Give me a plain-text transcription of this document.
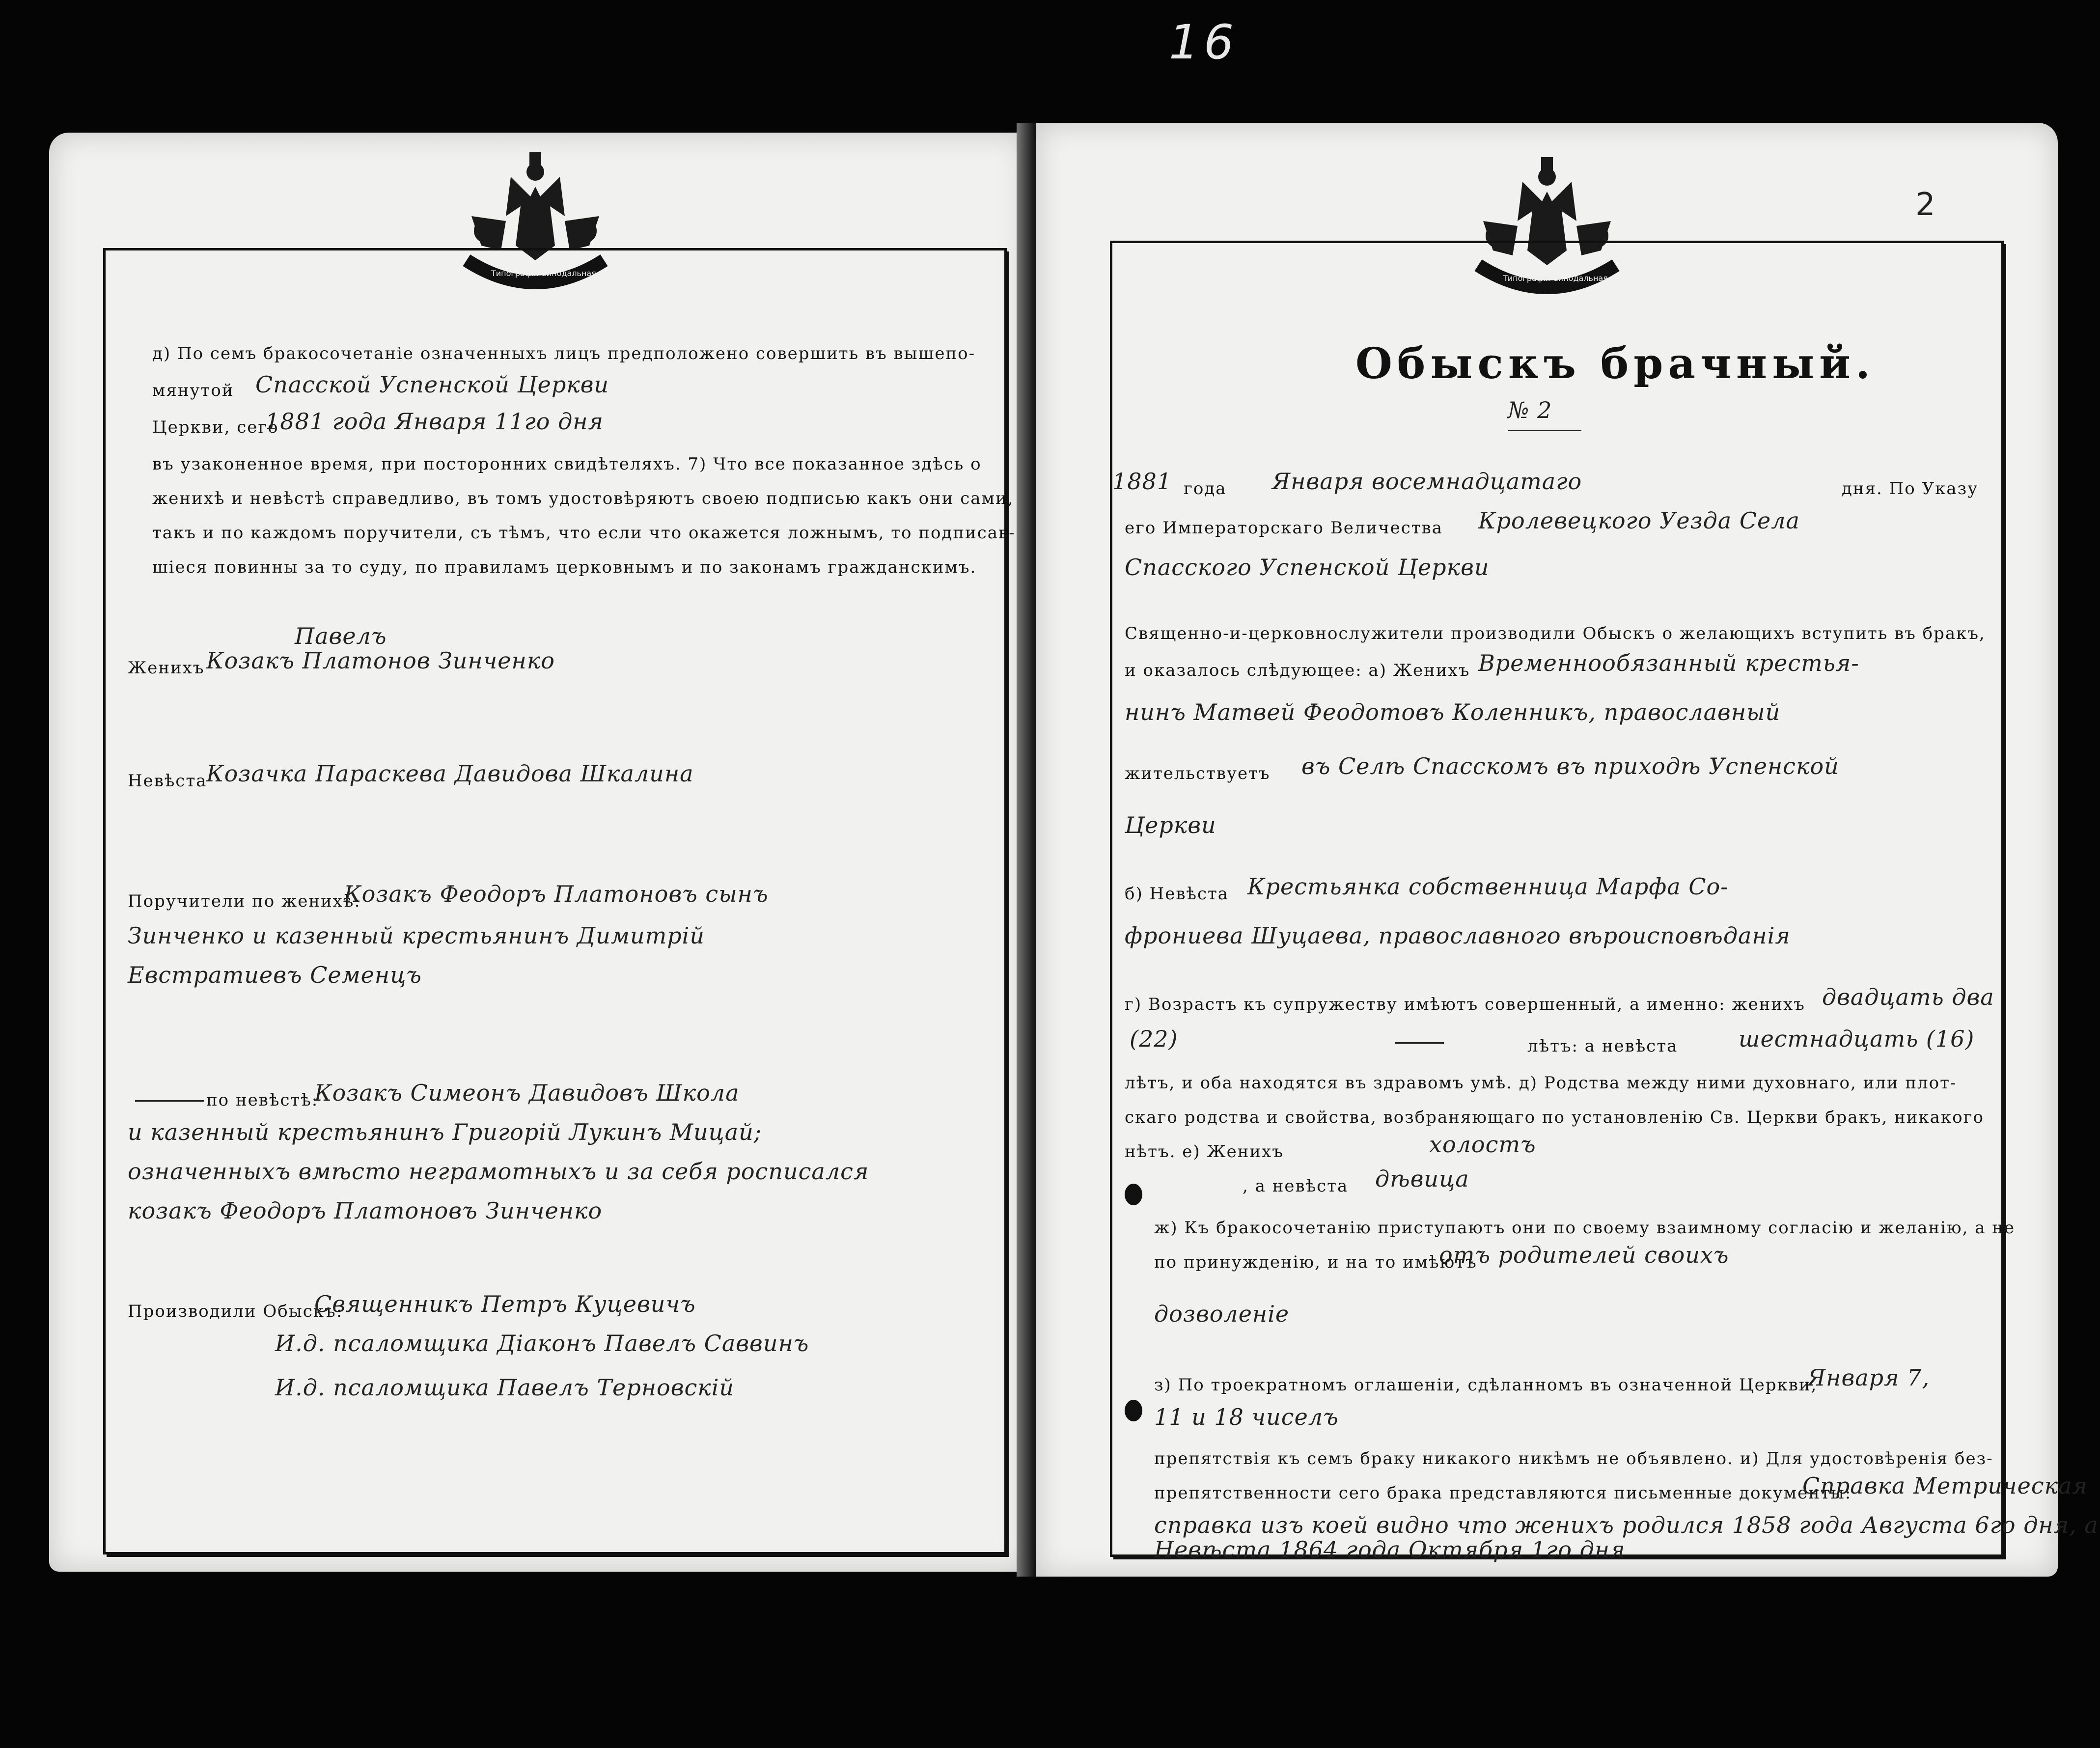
16
Типографiя Синодальная
д) По семъ бракосочетанiе означенныхъ лицъ предположено совершить въ вышепо-
мянутой Спасской Успенской Церкви
Церкви, сего
1881 года Января 11го дня
въ узаконенное время, при посторонних свидѣтеляхъ. 7) Что все показанное здѣсь о
женихѣ и невѣстѣ справедливо, въ томъ удостовѣряютъ своею подписью какъ они сами,
такъ и по каждомъ поручители, съ тѣмъ, что если что окажется ложнымъ, то подписав-
шiеся повинны за то суду, по правиламъ церковнымъ и по законамъ гражданскимъ.
Павелъ
Женихъ Козакъ Платонов Зинченко
Невѣста
Козачка Параскева Давидова Шкалина
Поручители по женихѣ:
Козакъ Феодоръ Платоновъ сынъ
Зинченко и казенный крестьянинъ Димитрiй
Евстратиевъ Семенцъ
по невѣстѣ:
Козакъ Симеонъ Давидовъ Школа
и казенный крестьянинъ Григорiй Лукинъ Мицай;
означенныхъ вмѣсто неграмотныхъ и за себя росписался
козакъ Феодоръ Платоновъ Зинченко
Производили Обыскъ:
Священникъ Петръ Куцевичъ
И.д. псаломщика Дiаконъ Павелъ Саввинъ
И.д. псаломщика Павелъ Терновскiй
Типографiя Синодальная
2
Обыскъ брачный.
№ 2
1881 года Января восемнадцатаго	дня. По Указу
его Императорскаго Величества Кролевецкого Уезда Села
Спасского Успенской Церкви
Священно-и-церковнослужители производили Обыскъ о желающихъ вступить въ бракъ,
и оказалось слѣдующее: а) Женихъ Временнообязанный крестья-
нинъ Матвей Феодотовъ Коленникъ, православный
жительствуетъ въ Селѣ Спасскомъ въ приходѣ Успенской
Церкви
б) Невѣста Крестьянка собственница Марфа Со-
фрониева Шуцаева, православного вѣроисповѣданiя
г) Возрастъ къ супружеству имѣютъ совершенный, а именно: женихъ двадцать два
(22)	лѣтъ: а невѣста	шестнадцать (16)
лѣтъ, и оба находятся въ здравомъ умѣ. д) Родства между ними духовнаго, или плот-
скаго родства и свойства, возбраняющаго по установленiю Св. Церкви бракъ, никакого
нѣтъ. е) Женихъ	холостъ
, а невѣста дѣвица
ж) Къ бракосочетанiю приступаютъ они по своему взаимному согласiю и желанiю, а не
по принужденiю, и на то имѣютъ
отъ родителей своихъ
дозволенiе
з) По троекратномъ оглашенiи, сдѣланномъ въ означенной Церкви,
Января 7,
11 и 18 чиселъ
препятствiя къ семъ браку никакого никѣмъ не объявлено. и) Для удостовѣренiя без-
препятственности сего брака представляются письменные документы:
Справка Метрическая
справка изъ коей видно что женихъ родился 1858 года Августа 6го дня, а
Невѣста 1864 года Октября 1го дня
